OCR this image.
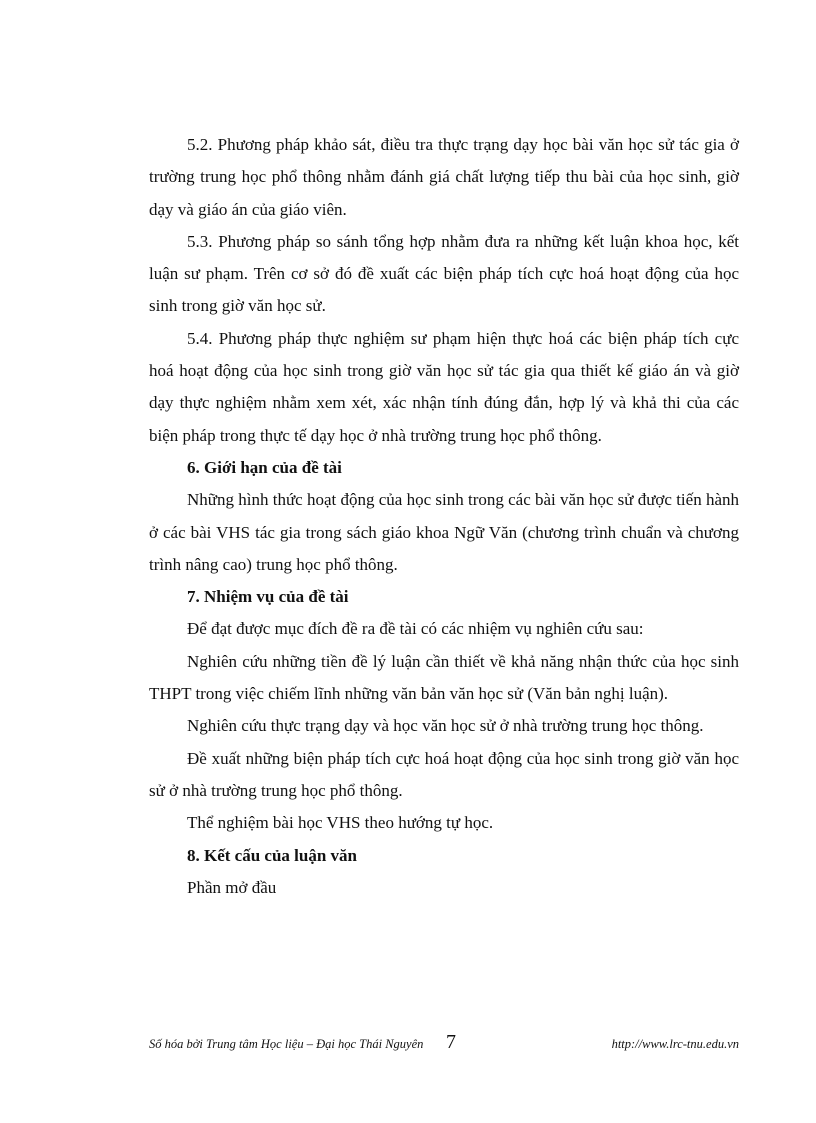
5.2. Phương pháp khảo sát, điều tra thực trạng dạy học bài văn học sử tác gia ở trường trung học phổ thông nhằm đánh giá chất lượng tiếp thu bài của học sinh, giờ dạy và giáo án của giáo viên.

5.3. Phương pháp so sánh tổng hợp nhằm đưa ra những kết luận khoa học, kết luận sư phạm. Trên cơ sở đó đề xuất các biện pháp tích cực hoá hoạt động của học sinh trong giờ văn học sử.

5.4. Phương pháp thực nghiệm sư phạm hiện thực hoá các biện pháp tích cực hoá hoạt động của học sinh trong giờ văn học sử tác gia qua thiết kế giáo án và giờ dạy thực nghiệm nhằm xem xét, xác nhận tính đúng đắn, hợp lý và khả thi của các biện pháp trong thực tế dạy học ở nhà trường trung học phổ thông.

6. Giới hạn của đề tài

Những hình thức hoạt động của học sinh trong các bài văn học sử được tiến hành ở các bài VHS tác gia trong sách giáo khoa Ngữ Văn (chương trình chuẩn và chương trình nâng cao) trung học phổ thông.

7. Nhiệm vụ của đề tài

Để đạt được mục đích đề ra đề tài có các nhiệm vụ nghiên cứu sau:

Nghiên cứu những tiền đề lý luận cần thiết về khả năng nhận thức của học sinh THPT trong việc chiếm lĩnh những văn bản văn học sử (Văn bản nghị luận).

Nghiên cứu thực trạng dạy và học văn học sử ở nhà trường trung học thông.

Đề xuất những biện pháp tích cực hoá hoạt động của học sinh trong giờ văn học sử ở nhà trường trung học phổ thông.

Thể nghiệm bài học VHS theo hướng tự học.

8. Kết cấu của luận văn

Phần mở đầu

Số hóa bởi Trung tâm Học liệu – Đại học Thái Nguyên 7	http://www.lrc-tnu.edu.vn
